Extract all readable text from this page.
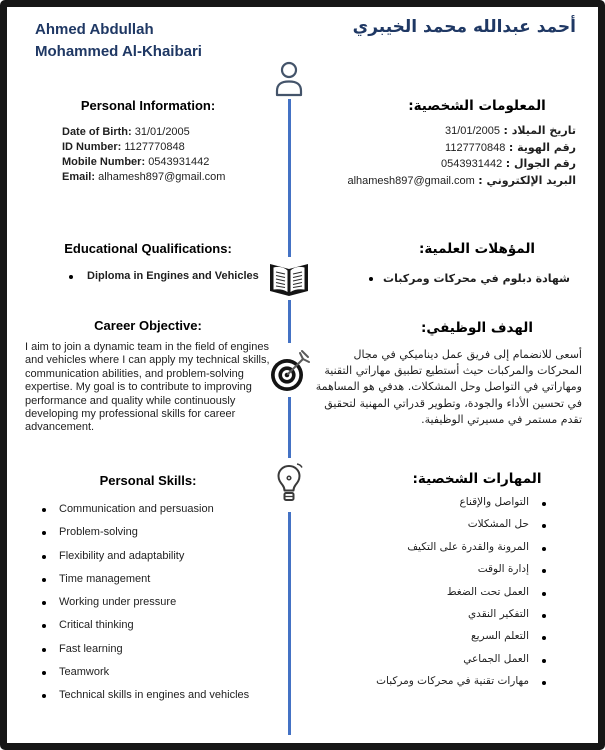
Ahmed Abdullah
Mohammed Al-Khaibari
أحمد عبدالله محمد الخيبري
Personal Information:
Date of Birth: 31/01/2005
ID Number: 1127770848
Mobile Number: 0543931442
Email: alhamesh897@gmail.com
Educational Qualifications:
Diploma in Engines and Vehicles
Career Objective:
I aim to join a dynamic team in the field of engines and vehicles where I can apply my technical skills, communication abilities, and problem-solving expertise. My goal is to contribute to improving performance and quality while continuously developing my professional skills for career advancement.
Personal Skills:
Communication and persuasion
Problem-solving
Flexibility and adaptability
Time management
Working under pressure
Critical thinking
Fast learning
Teamwork
Technical skills in engines and vehicles
المعلومات الشخصية:
تاريخ الميلاد : 31/01/2005
رقم الهوية : 1127770848
رقم الجوال : 0543931442
البريد الإلكتروني : alhamesh897@gmail.com
المؤهلات العلمية:
شهادة دبلوم في محركات ومركبات
الهدف الوظيفي:
أسعى للانضمام إلى فريق عمل ديناميكي في مجال المحركات والمركبات حيث أستطيع تطبيق مهاراتي التقنية ومهاراتي في التواصل وحل المشكلات. هدفي هو المساهمة في تحسين الأداء والجودة، وتطوير قدراتي المهنية لتحقيق تقدم مستمر في مسيرتي الوظيفية.
المهارات الشخصية:
التواصل والإقناع
حل المشكلات
المرونة والقدرة على التكيف
إدارة الوقت
العمل تحت الضغط
التفكير النقدي
التعلم السريع
العمل الجماعي
مهارات تقنية في محركات ومركبات
